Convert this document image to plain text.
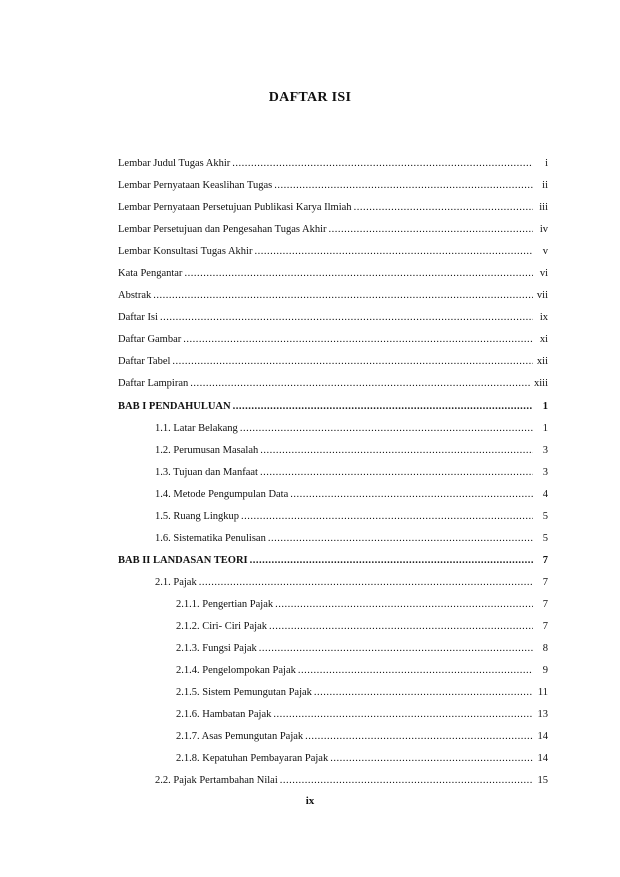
DAFTAR ISI
Lembar Judul Tugas Akhir .....	i
Lembar Pernyataan Keaslihan Tugas .....	ii
Lembar Pernyataan Persetujuan Publikasi Karya Ilmiah .....	iii
Lembar Persetujuan dan Pengesahan Tugas Akhir .....	iv
Lembar Konsultasi Tugas Akhir .....	v
Kata Pengantar .....	vi
Abstrak .....	vii
Daftar Isi .....	ix
Daftar Gambar .....	xi
Daftar Tabel .....	xii
Daftar Lampiran .....	xiii
BAB I PENDAHULUAN .....	1
1.1. Latar Belakang .....	1
1.2. Perumusan Masalah .....	3
1.3. Tujuan dan Manfaat .....	3
1.4. Metode Pengumpulan Data .....	4
1.5. Ruang Lingkup .....	5
1.6. Sistematika Penulisan .....	5
BAB II LANDASAN TEORI .....	7
2.1. Pajak .....	7
2.1.1. Pengertian Pajak .....	7
2.1.2. Ciri- Ciri Pajak .....	7
2.1.3. Fungsi Pajak .....	8
2.1.4. Pengelompokan Pajak .....	9
2.1.5. Sistem Pemungutan Pajak .....	11
2.1.6. Hambatan Pajak .....	13
2.1.7. Asas Pemungutan Pajak .....	14
2.1.8. Kepatuhan Pembayaran Pajak .....	14
2.2. Pajak Pertambahan Nilai .....	15
ix
